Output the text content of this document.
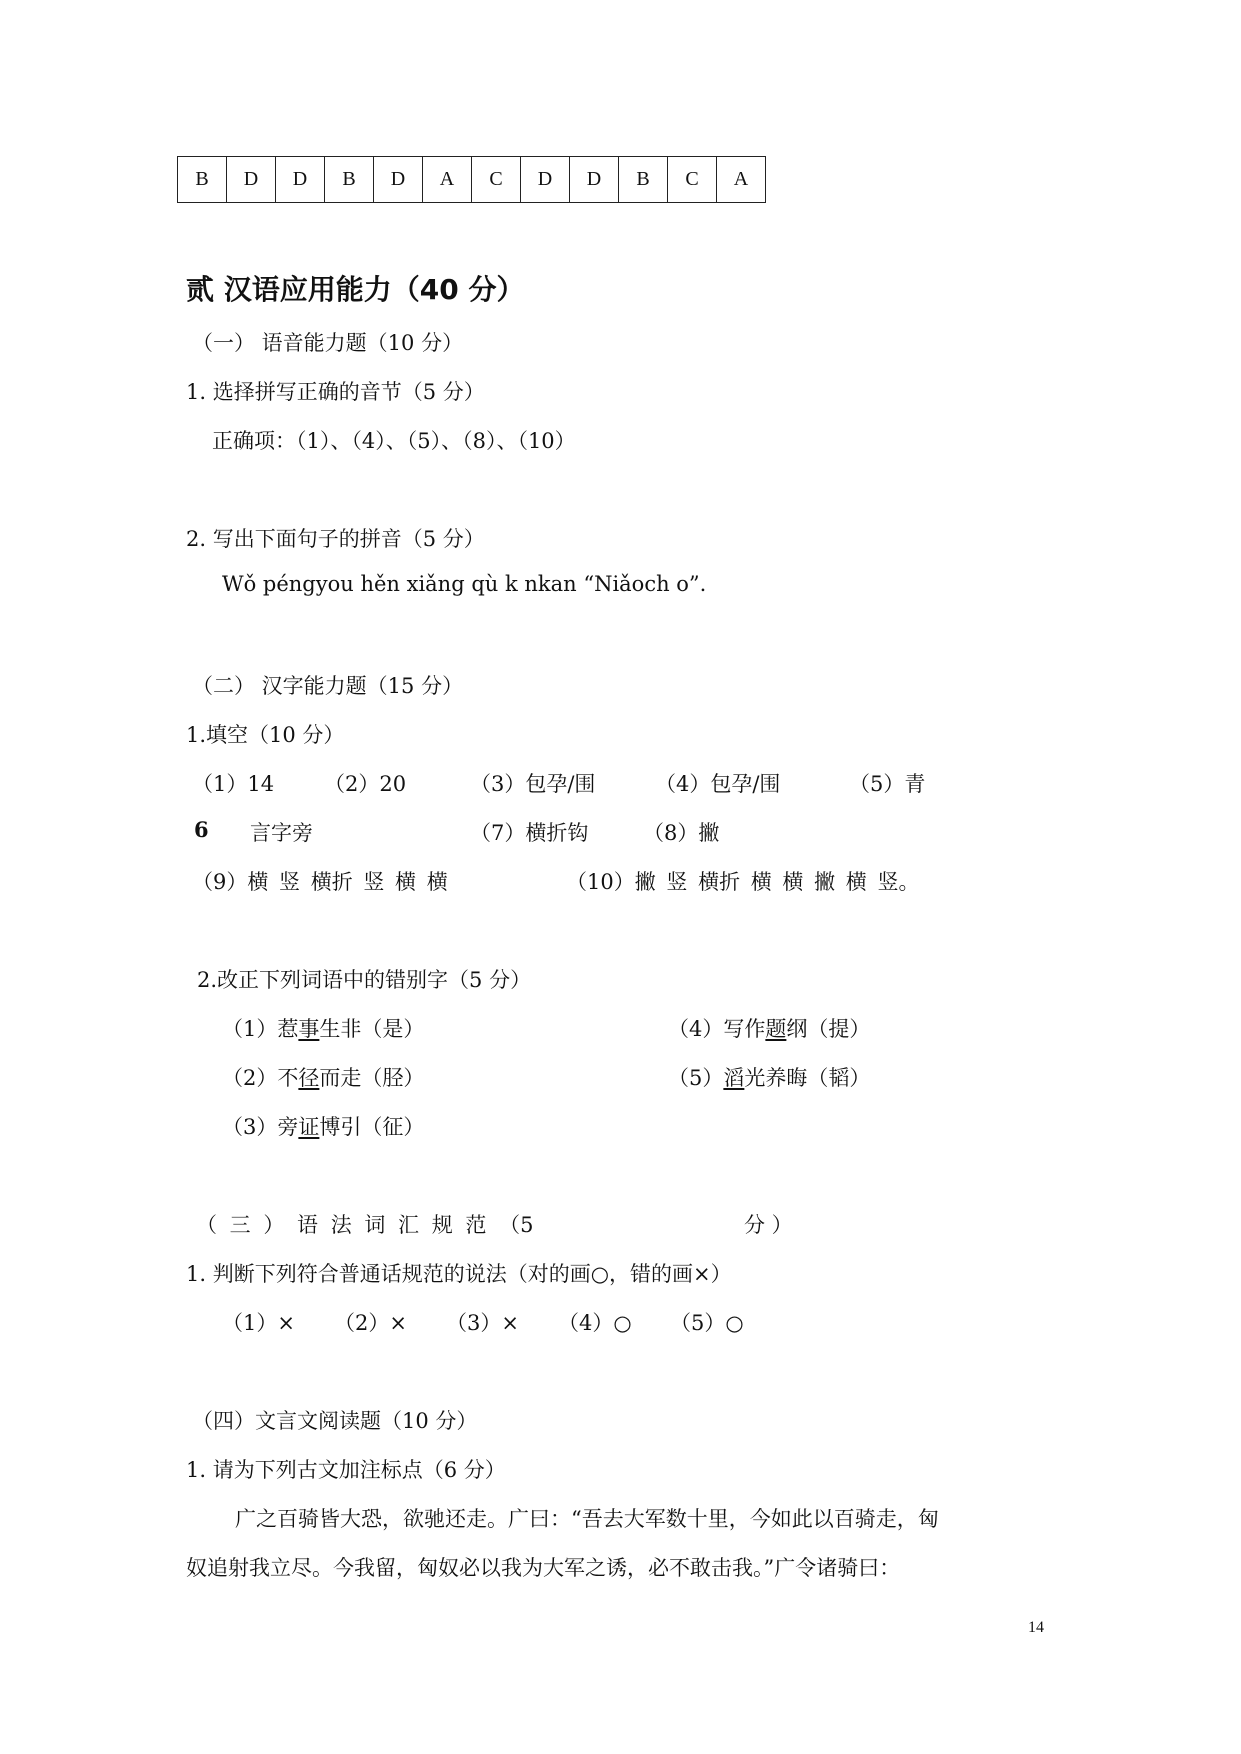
B	D	D	B	D	A	C	D	D	B	C	A
贰 汉语应用能力（40 分）
（一） 语音能力题（10 分）
1. 选择拼写正确的音节（5 分）
正确项：（1）、（4）、（5）、（8）、（10）
2. 写出下面句子的拼音（5 分）
Wǒ péngyou hěn xiǎng qù k nkan “Niǎoch o”.
（二） 汉字能力题（15 分）
1.填空（10 分）
（1）14 （2）20	（3）包孕/围	（4）包孕/围	（5）青
6 言字旁	（7）横折钩	（8）撇
（9）横 竖 横折 竖 横 横	（10）撇 竖 横折 横 横 撇 横 竖。
2.改正下列词语中的错别字（5 分）
（1）惹事生非（是）	（4）写作题纲（提）
（2）不径而走（胫）	（5）滔光养晦（韬）
（3）旁证博引（征）
（ 三 ） 语 法 词 汇 规 范 （5	分 ）
1. 判断下列符合普通话规范的说法（对的画○，错的画×）
（1）× （2）× （3）× （4）○ （5）○
（四）文言文阅读题（10 分）
1. 请为下列古文加注标点（6 分）
广之百骑皆大恐，欲驰还走。广曰：“吾去大军数十里，今如此以百骑走，匈
奴追射我立尽。今我留，匈奴必以我为大军之诱，必不敢击我。”广令诸骑曰：
14
